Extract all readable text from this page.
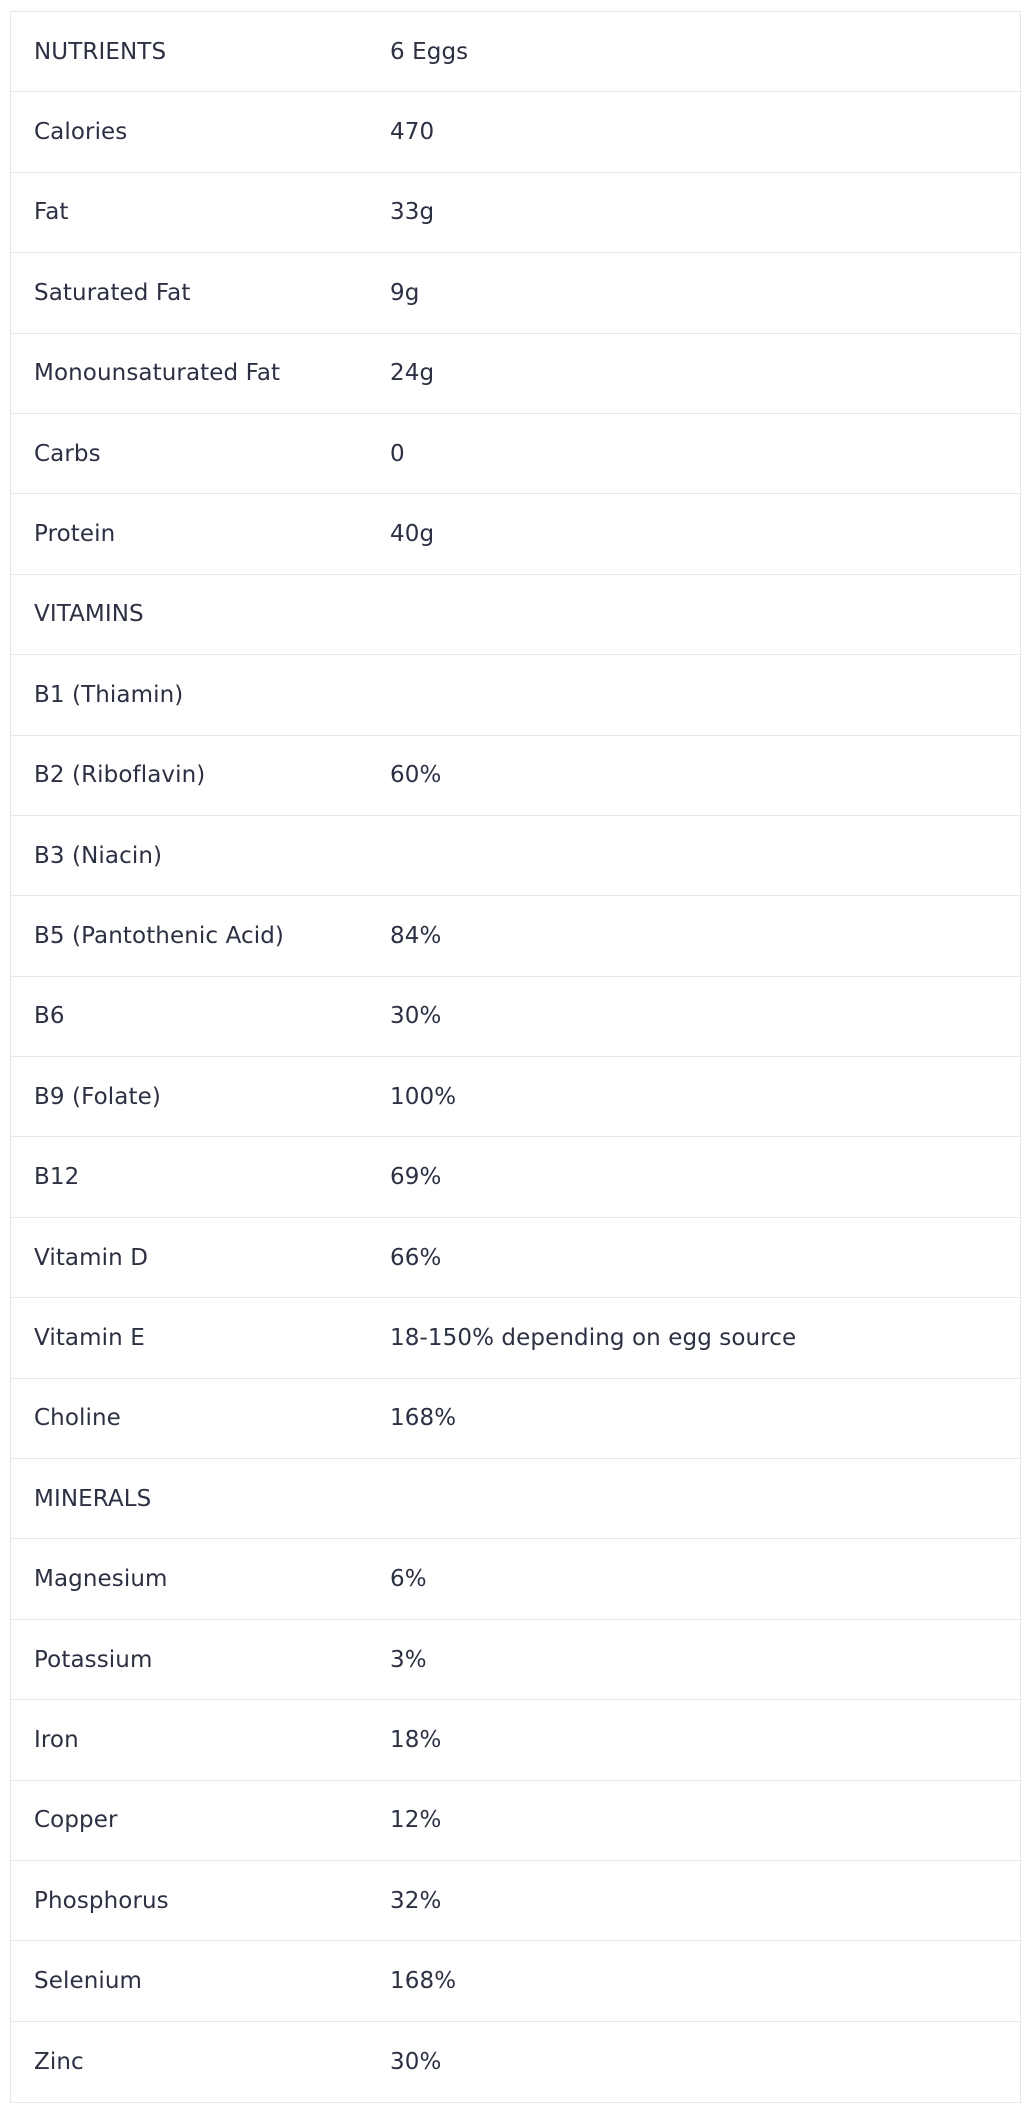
NUTRIENTS	6 Eggs
Calories	470
Fat	33g
Saturated Fat	9g
Monounsaturated Fat	24g
Carbs	0
Protein	40g
VITAMINS
B1 (Thiamin)
B2 (Riboflavin)	60%
B3 (Niacin)
B5 (Pantothenic Acid)	84%
B6	30%
B9 (Folate)	100%
B12	69%
Vitamin D	66%
Vitamin E	18-150% depending on egg source
Choline	168%
MINERALS
Magnesium	6%
Potassium	3%
Iron	18%
Copper	12%
Phosphorus	32%
Selenium	168%
Zinc	30%
